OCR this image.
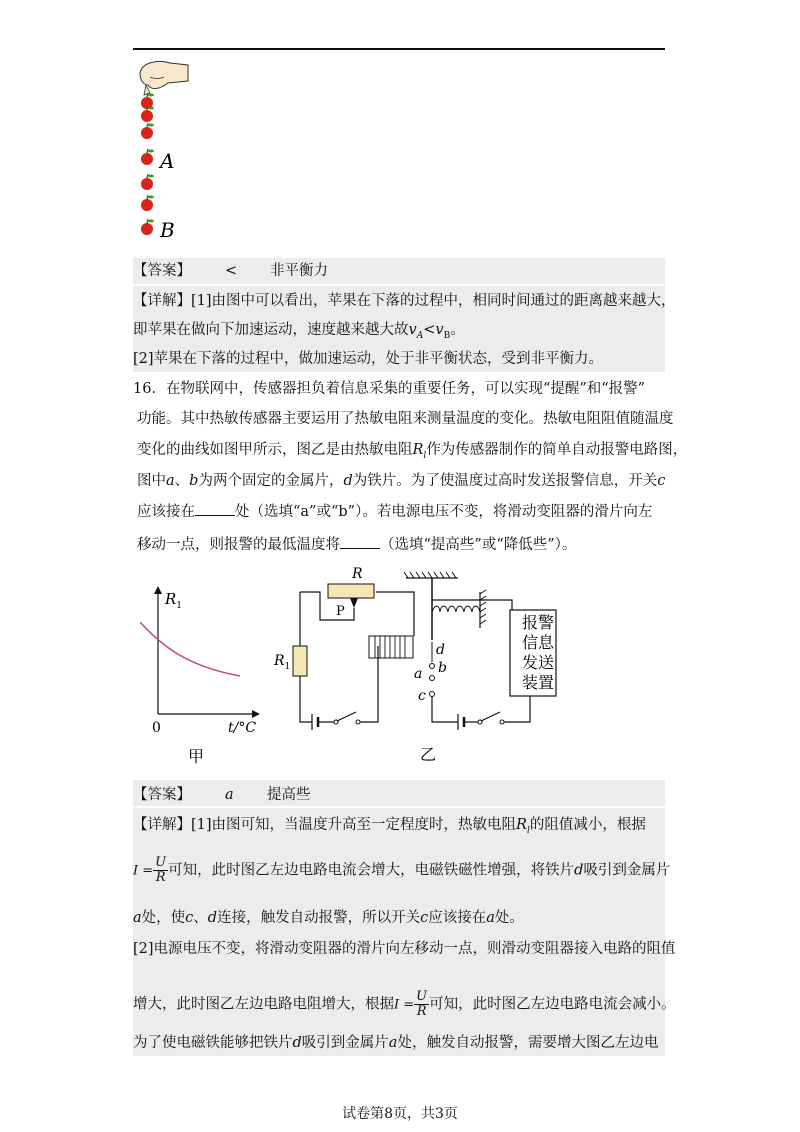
A
B
【答案】 < 非平衡力
【详解】[1]由图中可以看出，苹果在下落的过程中，相同时间通过的距离越来越大，
即苹果在做向下加速运动，速度越来越大故$v_A<v_B$。
[2]苹果在下落的过程中，做加速运动，处于非平衡状态，受到非平衡力。
16．在物联网中，传感器担负着信息采集的重要任务，可以实现“提醒”和“报警”
功能。其中热敏传感器主要运用了热敏电阻来测量温度的变化。热敏电阻阻值随温度
变化的曲线如图甲所示，图乙是由热敏电阻$R_l$作为传感器制作的简单自动报警电路图，
图中a、b为两个固定的金属片，d为铁片。为了使温度过高时发送报警信息，开关c
应该接在	处（选填“a”或“b”）。若电源电压不变，将滑动变阻器的滑片向左
移动一点，则报警的最低温度将	（选填“提高些”或“降低些”）。
$R_1$
0	t/°C
甲
R
P
$R_1$
d
a b
c
报 警
信 息
发 送
装 置
乙
【答案】 a 提高些
【详解】[1]由图可知，当温度升高至一定程度时，热敏电阻$R_l$的阻值减小，根据
$I = \frac{U}{R}$ 可知，此时图乙左边电路电流会增大，电磁铁磁性增强，将铁片d吸引到金属片
a处，使c、d连接，触发自动报警，所以开关c应该接在a处。
[2]电源电压不变，将滑动变阻器的滑片向左移动一点，则滑动变阻器接入电路的阻值
增大，此时图乙左边电路电阻增大，根据$I = \frac{U}{R}$ 可知，此时图乙左边电路电流会减小。
为了使电磁铁能够把铁片d吸引到金属片a处，触发自动报警，需要增大图乙左边电
试卷第8页，共3页
